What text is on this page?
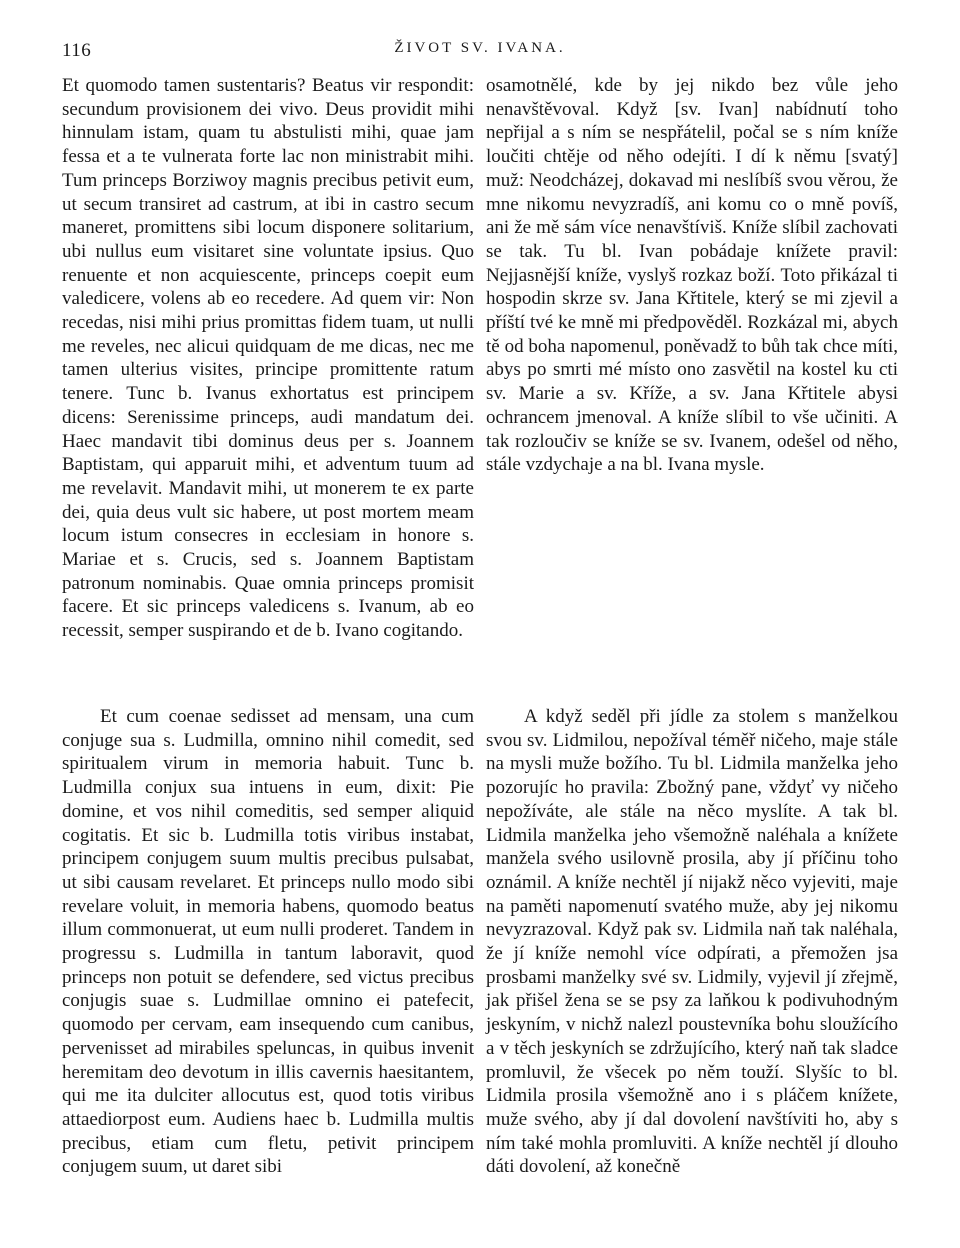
116	ŽIVOT SV. IVANA.

Et quomodo tamen sustentaris? Beatus vir respondit: secundum provisionem dei vivo. Deus providit mihi hinnulam istam, quam tu abstulisti mihi, quae jam fessa et a te vulnerata forte lac non ministrabit mihi. Tum princeps Borziwoy magnis precibus petivit eum, ut secum transiret ad castrum, at ibi in castro secum maneret, promittens sibi locum disponere solitarium, ubi nullus eum visitaret sine voluntate ipsius. Quo renuente et non acquiescente, princeps coepit eum valedicere, volens ab eo recedere. Ad quem vir: Non recedas, nisi mihi prius promittas fidem tuam, ut nulli me reveles, nec alicui quidquam de me dicas, nec me tamen ulterius visites, principe promittente ratum tenere. Tunc b. Ivanus exhortatus est principem dicens: Serenissime princeps, audi mandatum dei. Haec mandavit tibi dominus deus per s. Joannem Baptistam, qui apparuit mihi, et adventum tuum ad me revelavit. Mandavit mihi, ut monerem te ex parte dei, quia deus vult sic habere, ut post mortem meam locum istum consecres in ecclesiam in honore s. Mariae et s. Crucis, sed s. Joannem Baptistam patronum nominabis. Quae omnia princeps promisit facere. Et sic princeps valedicens s. Ivanum, ab eo recessit, semper suspirando et de b. Ivano cogitando.

osamotnělé, kde by jej nikdo bez vůle jeho nenavštěvoval. Když [sv. Ivan] nabídnutí toho nepřijal a s ním se nespřátelil, počal se s ním kníže loučiti chtěje od něho odejíti. I dí k němu [svatý] muž: Neodcházej, dokavad mi neslíbíš svou věrou, že mne nikomu nevyzradíš, ani komu co o mně povíš, ani že mě sám více nenavštíviš. Kníže slíbil zachovati se tak. Tu bl. Ivan pobádaje knížete pravil: Nejjasnější kníže, vyslyš rozkaz boží. Toto přikázal ti hospodin skrze sv. Jana Křtitele, který se mi zjevil a příští tvé ke mně mi předpověděl. Rozkázal mi, abych tě od boha napomenul, poněvadž to bůh tak chce míti, abys po smrti mé místo ono zasvětil na kostel ku cti sv. Marie a sv. Kříže, a sv. Jana Křtitele abysi ochrancem jmenoval. A kníže slíbil to vše učiniti. A tak rozloučiv se kníže se sv. Ivanem, odešel od něho, stále vzdychaje a na bl. Ivana mysle.

Et cum coenae sedisset ad mensam, una cum conjuge sua s. Ludmilla, omnino nihil comedit, sed spiritualem virum in memoria habuit. Tunc b. Ludmilla conjux sua intuens in eum, dixit: Pie domine, et vos nihil comeditis, sed semper aliquid cogitatis. Et sic b. Ludmilla totis viribus instabat, principem conjugem suum multis precibus pulsabat, ut sibi causam revelaret. Et princeps nullo modo sibi revelare voluit, in memoria habens, quomodo beatus illum commonuerat, ut eum nulli proderet. Tandem in progressu s. Ludmilla in tantum laboravit, quod princeps non potuit se defendere, sed victus precibus conjugis suae s. Ludmillae omnino ei patefecit, quomodo per cervam, eam insequendo cum canibus, pervenisset ad mirabiles speluncas, in quibus invenit heremitam deo devotum in illis cavernis haesitantem, qui me ita dulciter allocutus est, quod totis viribus attaediorpost eum. Audiens haec b. Ludmilla multis precibus, etiam cum fletu, petivit principem conjugem suum, ut daret sibi

A když seděl při jídle za stolem s manželkou svou sv. Lidmilou, nepožíval téměř ničeho, maje stále na mysli muže božího. Tu bl. Lidmila manželka jeho pozorujíc ho pravila: Zbožný pane, vždyť vy ničeho nepožíváte, ale stále na něco myslíte. A tak bl. Lidmila manželka jeho všemožně naléhala a knížete manžela svého usilovně prosila, aby jí příčinu toho oznámil. A kníže nechtěl jí nijakž něco vyjeviti, maje na paměti napomenutí svatého muže, aby jej nikomu nevyzrazoval. Když pak sv. Lidmila naň tak naléhala, že jí kníže nemohl více odpírati, a přemožen jsa prosbami manželky své sv. Lidmily, vyjevil jí zřejmě, jak přišel žena se se psy za laňkou k podivuhodným jeskyním, v nichž nalezl poustevníka bohu sloužícího a v těch jeskyních se zdržujícího, který naň tak sladce promluvil, že všecek po něm touží. Slyšíc to bl. Lidmila prosila všemožně ano i s pláčem knížete, muže svého, aby jí dal dovolení navštíviti ho, aby s ním také mohla promluviti. A kníže nechtěl jí dlouho dáti dovolení, až konečně
